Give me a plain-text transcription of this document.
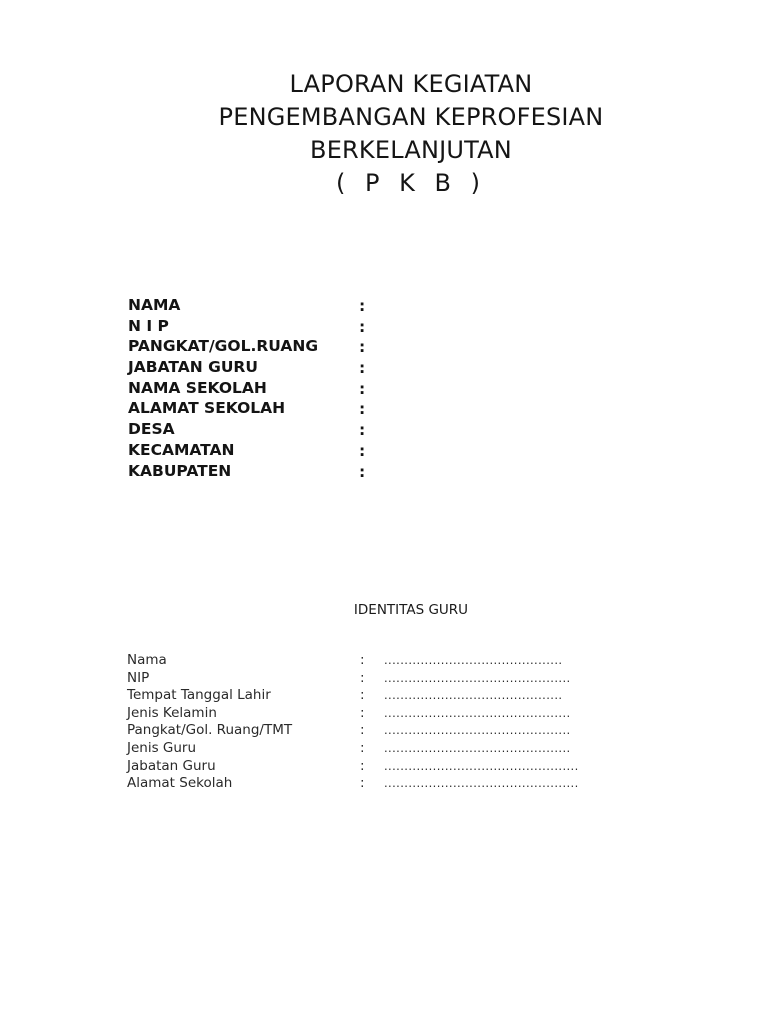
LAPORAN KEGIATAN
PENGEMBANGAN KEPROFESIAN
BERKELANJUTAN
( P K B )
NAMA	:
N I P	:
PANGKAT/GOL.RUANG	:
JABATAN GURU	:
NAMA SEKOLAH	:
ALAMAT SEKOLAH	:
DESA	:
KECAMATAN	:
KABUPATEN	:
IDENTITAS GURU
Nama	: ............................................
NIP	: ..............................................
Tempat Tanggal Lahir	: ............................................
Jenis Kelamin	: ..............................................
Pangkat/Gol. Ruang/TMT	: ..............................................
Jenis Guru	: ..............................................
Jabatan Guru	: ................................................
Alamat Sekolah	: ................................................
